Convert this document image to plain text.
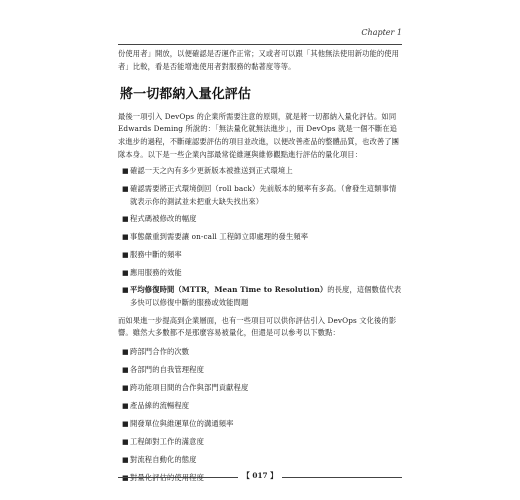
Chapter 1

份使用者」開放，以便確認是否運作正常；又或者可以跟「其他無法使用新功能的使用者」比較，看是否能增進使用者對服務的黏著度等等。

將一切都納入量化評估

最後一項引入 DevOps 的企業所需要注意的原則，就是將一切都納入量化評估。如同 Edwards Deming 所說的：「無法量化就無法進步」，而 DevOps 就是一個不斷在追求進步的過程，不斷確認要評估的項目並改進，以便改善產品的整體品質，也改善了團隊本身。以下是一些企業內部最常從維運與維修觀點進行評估的量化項目：

■ 確認一天之內有多少更新版本被推送到正式環境上
■ 確認需要將正式環境倒回（roll back）先前版本的頻率有多高。（會發生這類事情就表示你的測試並未把重大缺失找出來）
■ 程式碼被修改的幅度
■ 事態嚴重到需要讓 on-call 工程師立即處理的發生頻率
■ 服務中斷的頻率
■ 應用服務的效能
■ 平均修復時間（MTTR，Mean Time to Resolution）的長度，這個數值代表多快可以修復中斷的服務或效能問題

而如果進一步提高到企業層面，也有一些項目可以供你評估引入 DevOps 文化後的影響。雖然大多數都不是那麼容易被量化，但還是可以參考以下數點：

■ 跨部門合作的次數
■ 各部門的自我管理程度
■ 跨功能項目間的合作與部門貢獻程度
■ 產品線的流暢程度
■ 開發單位與維運單位的溝通頻率
■ 工程師對工作的滿意度
■ 對流程自動化的態度
【 017 】
